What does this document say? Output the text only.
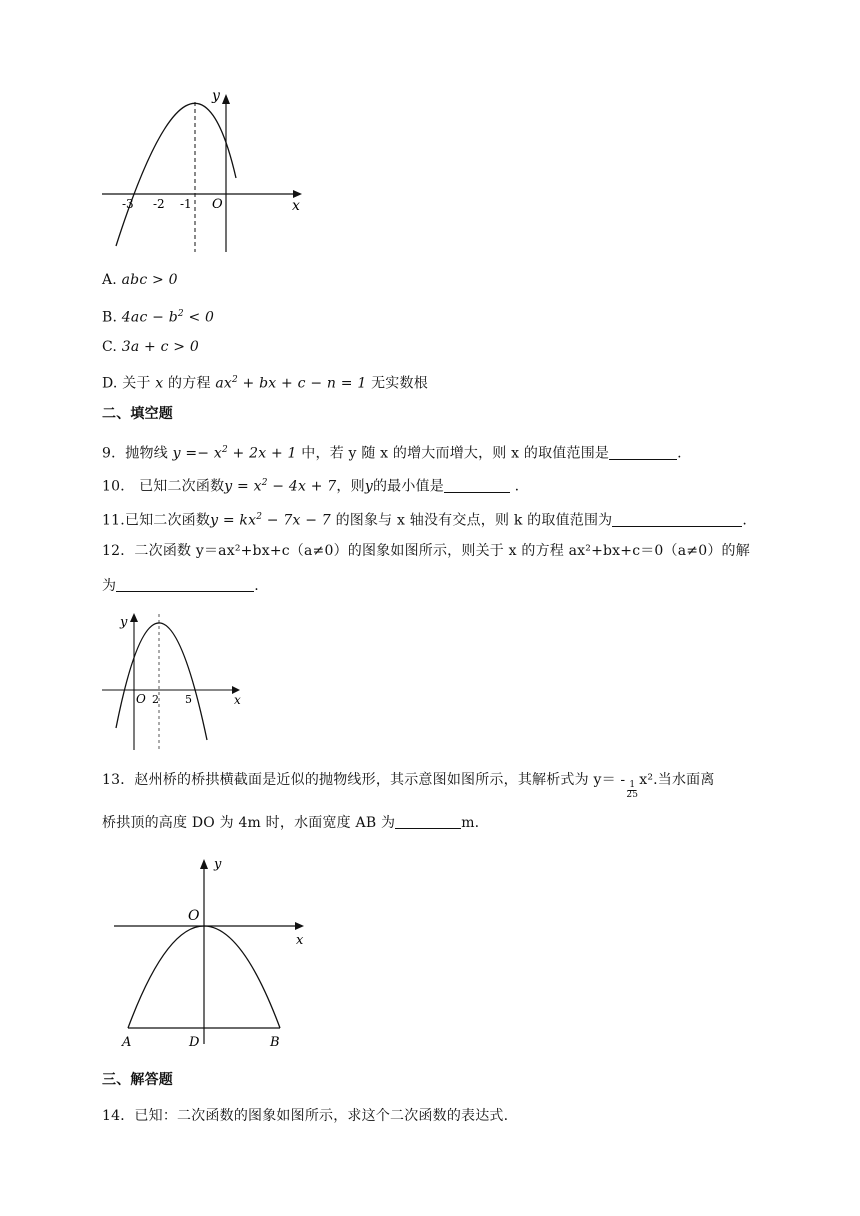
y
x
-3 -2 -1 O
A. abc > 0
B. $4ac - b^2 < 0$
C. 3a + c > 0
D. 关于 x 的方程 $ax^2$ + bx + c − n = 1 无实数根
二、填空题
9．抛物线 $y =- x^2 + 2x + 1$ 中，若 y 随 x 的增大而增大，则 x 的取值范围是	.
10． 已知二次函数$y = x^2 - 4x + 7$，则y的最小值是	.
11.已知二次函数$y = kx^2 - 7x - 7$ 的图象与 x 轴没有交点，则 k 的取值范围为	.
12．二次函数 y＝ax²+bx+c（a≠0）的图象如图所示，则关于 x 的方程 ax²+bx+c＝0（a≠0）的解
为	.
y
x
O 2 5
13．赵州桥的桥拱横截面是近似的抛物线形，其示意图如图所示，其解析式为 y＝ -
$\frac{1}{25}$
x².当水面离
桥拱顶的高度 DO 为 4m 时，水面宽度 AB 为	m.
y
x
O
A	D	B
三、解答题
14．已知：二次函数的图象如图所示，求这个二次函数的表达式.
